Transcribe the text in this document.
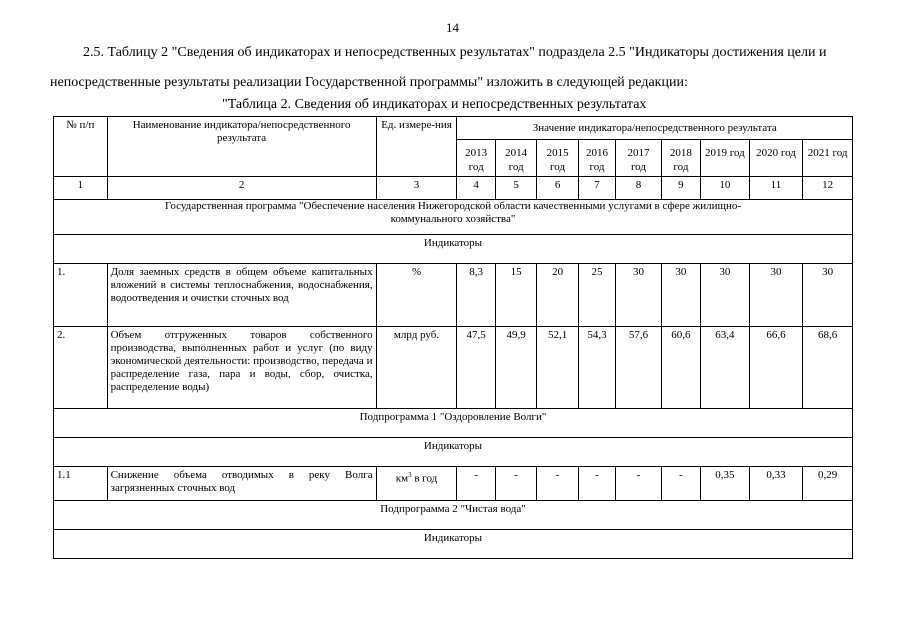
14
2.5. Таблицу 2 "Сведения об индикаторах и непосредственных результатах" подраздела 2.5 "Индикаторы достижения цели и непосредственные результаты реализации Государственной программы" изложить в следующей редакции:
"Таблица 2. Сведения об индикаторах и непосредственных результатах
№ п/п	Наименование индикатора/непосредственного результата	Ед. измере-ния	Значение индикатора/непосредственного результата								
			2013 год	2014 год	2015 год	2016 год	2017 год	2018 год	2019 год	2020 год	2021 год
1	2	3	4	5	6	7	8	9	10	11	12
Государственная программа "Обеспечение населения Нижегородской области качественными услугами в сфере жилищно-коммунального хозяйства"											
Индикаторы											
1.	Доля заемных средств в общем объеме капитальных вложений в системы теплоснабжения, водоснабжения, водоотведения и очистки сточных вод	%	8,3	15	20	25	30	30	30	30	30
2.	Объем отгруженных товаров собственного производства, выполненных работ и услуг (по виду экономической деятельности: производство, передача и распределение газа, пара и воды, сбор, очистка, распределение воды)	млрд руб.	47,5	49,9	52,1	54,3	57,6	60,6	63,4	66,6	68,6
Подпрограмма 1 "Оздоровление Волги"											
Индикаторы											
1.1	Снижение объема отводимых в реку Волга загрязненных сточных вод	$км^3$ в год	-	-	-	-	-	-	0,35	0,33	0,29
Подпрограмма 2 "Чистая вода"											
Индикаторы											
